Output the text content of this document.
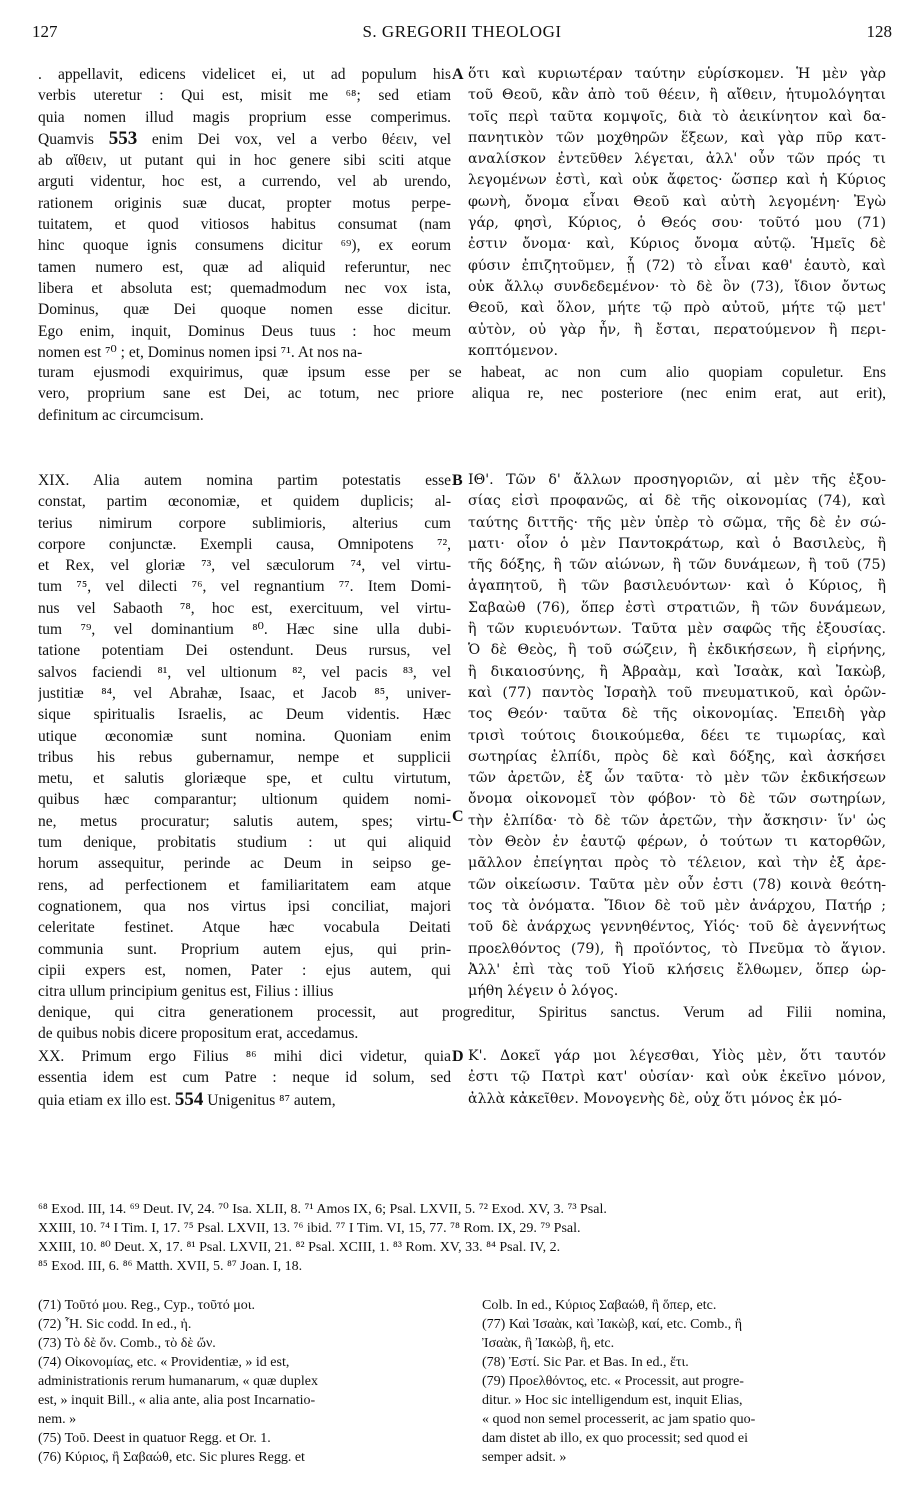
127	S. GREGORII THEOLOGI	128
. appellavit, edicens videlicet ei, ut ad populum his
verbis uteretur : Qui est, misit me ⁶⁸; sed etiam
quia nomen illud magis proprium esse comperimus.
Quamvis 553 enim Dei vox, vel a verbo θέειν, vel
ab αἴθειν, ut putant qui in hoc genere sibi sciti atque
arguti videntur, hoc est, a currendo, vel ab urendo,
rationem originis suæ ducat, propter motus perpe-
tuitatem, et quod vitiosos habitus consumat (nam
hinc quoque ignis consumens dicitur ⁶⁹), ex eorum
tamen numero est, quæ ad aliquid referuntur, nec
libera et absoluta est; quemadmodum nec vox ista,
Dominus, quæ Dei quoque nomen esse dicitur.
Ego enim, inquit, Dominus Deus tuus : hoc meum
nomen est ⁷⁰ ; et, Dominus nomen ipsi ⁷¹. At nos na-
A ὅτι καὶ κυριωτέραν ταύτην εὑρίσκομεν. Ἡ μὲν γὰρ
τοῦ Θεοῦ, κἂν ἀπὸ τοῦ θέειν, ἢ αἴθειν, ἡτυμολόγηται
τοῖς περὶ ταῦτα κομψοῖς, διὰ τὸ ἀεικίνητον καὶ δα-
πανητικὸν τῶν μοχθηρῶν ἕξεων, καὶ γὰρ πῦρ κατ-
αναλίσκον ἐντεῦθεν λέγεται, ἀλλ' οὖν τῶν πρός τι
λεγομένων ἐστὶ, καὶ οὐκ ἄφετος· ὥσπερ καὶ ἡ Κύριος
φωνὴ, ὄνομα εἶναι Θεοῦ καὶ αὐτὴ λεγομένη· Ἐγὼ
γάρ, φησὶ, Κύριος, ὁ Θεός σου· τοῦτό μου (71)
ἐστιν ὄνομα· καὶ, Κύριος ὄνομα αὐτῷ. Ἡμεῖς δὲ
φύσιν ἐπιζητοῦμεν, ᾗ (72) τὸ εἶναι καθ' ἑαυτὸ, καὶ
οὐκ ἄλλῳ συνδεδεμένον· τὸ δὲ ὂν (73), ἴδιον ὄντως
Θεοῦ, καὶ ὅλον, μήτε τῷ πρὸ αὐτοῦ, μήτε τῷ μετ'
αὐτὸν, οὐ γὰρ ἦν, ἢ ἔσται, περατούμενον ἢ περι-
κοπτόμενον.
turam ejusmodi exquirimus, quæ ipsum esse per se habeat, ac non cum alio quopiam copuletur. Ens
vero, proprium sane est Dei, ac totum, nec priore aliqua re, nec posteriore (nec enim erat, aut erit),
definitum ac circumcisum.
XIX. Alia autem nomina partim potestatis esse
constat, partim œconomiæ, et quidem duplicis; al-
terius nimirum corpore sublimioris, alterius cum
corpore conjunctæ. Exempli causa, Omnipotens ⁷²,
et Rex, vel gloriæ ⁷³, vel sæculorum ⁷⁴, vel virtu-
tum ⁷⁵, vel dilecti ⁷⁶, vel regnantium ⁷⁷. Item Domi-
nus vel Sabaoth ⁷⁸, hoc est, exercituum, vel virtu-
tum ⁷⁹, vel dominantium ⁸⁰. Hæc sine ulla dubi-
tatione potentiam Dei ostendunt. Deus rursus, vel
salvos faciendi ⁸¹, vel ultionum ⁸², vel pacis ⁸³, vel
justitiæ ⁸⁴, vel Abrahæ, Isaac, et Jacob ⁸⁵, univer-
sique spiritualis Israelis, ac Deum videntis. Hæc
utique œconomiæ sunt nomina. Quoniam enim
tribus his rebus gubernamur, nempe et supplicii
metu, et salutis gloriæque spe, et cultu virtutum,
quibus hæc comparantur; ultionum quidem nomi-
ne, metus procuratur; salutis autem, spes; virtu-
tum denique, probitatis studium : ut qui aliquid
horum assequitur, perinde ac Deum in seipso ge-
rens, ad perfectionem et familiaritatem eam atque
cognationem, qua nos virtus ipsi conciliat, majori
celeritate festinet. Atque hæc vocabula Deitati
communia sunt. Proprium autem ejus, qui prin-
cipii expers est, nomen, Pater : ejus autem, qui
citra ullum principium genitus est, Filius : illius
B
C
ΙΘ'. Τῶν δ' ἄλλων προσηγοριῶν, αἱ μὲν τῆς ἐξου-
σίας εἰσὶ προφανῶς, αἱ δὲ τῆς οἰκονομίας (74), καὶ
ταύτης διττῆς· τῆς μὲν ὑπὲρ τὸ σῶμα, τῆς δὲ ἐν σώ-
ματι· οἷον ὁ μὲν Παντοκράτωρ, καὶ ὁ Βασιλεὺς, ἢ
τῆς δόξης, ἢ τῶν αἰώνων, ἢ τῶν δυνάμεων, ἢ τοῦ (75)
ἀγαπητοῦ, ἢ τῶν βασιλευόντων· καὶ ὁ Κύριος, ἢ
Σαβαὼθ (76), ὅπερ ἐστὶ στρατιῶν, ἢ τῶν δυνάμεων,
ἢ τῶν κυριευόντων. Ταῦτα μὲν σαφῶς τῆς ἐξουσίας.
Ὁ δὲ Θεὸς, ἢ τοῦ σώζειν, ἢ ἐκδικήσεων, ἢ εἰρήνης,
ἢ δικαιοσύνης, ἢ Ἀβραὰμ, καὶ Ἰσαὰκ, καὶ Ἰακὼβ,
καὶ (77) παντὸς Ἰσραὴλ τοῦ πνευματικοῦ, καὶ ὁρῶν-
τος Θεόν· ταῦτα δὲ τῆς οἰκονομίας. Ἐπειδὴ γὰρ
τρισὶ τούτοις διοικούμεθα, δέει τε τιμωρίας, καὶ
σωτηρίας ἐλπίδι, πρὸς δὲ καὶ δόξης, καὶ ἀσκήσει
τῶν ἀρετῶν, ἐξ ὧν ταῦτα· τὸ μὲν τῶν ἐκδικήσεων
ὄνομα οἰκονομεῖ τὸν φόβον· τὸ δὲ τῶν σωτηρίων,
τὴν ἐλπίδα· τὸ δὲ τῶν ἀρετῶν, τὴν ἄσκησιν· ἵν' ὡς
τὸν Θεὸν ἐν ἑαυτῷ φέρων, ὁ τούτων τι κατορθῶν,
μᾶλλον ἐπείγηται πρὸς τὸ τέλειον, καὶ τὴν ἐξ ἀρε-
τῶν οἰκείωσιν. Ταῦτα μὲν οὖν ἐστι (78) κοινὰ θεότη-
τος τὰ ὀνόματα. Ἴδιον δὲ τοῦ μὲν ἀνάρχου, Πατήρ ;
τοῦ δὲ ἀνάρχως γεννηθέντος, Υἱός· τοῦ δὲ ἀγεννήτως
προελθόντος (79), ἢ προϊόντος, τὸ Πνεῦμα τὸ ἅγιον.
Ἀλλ' ἐπὶ τὰς τοῦ Υἱοῦ κλήσεις ἔλθωμεν, ὅπερ ὡρ-
μήθη λέγειν ὁ λόγος.
denique, qui citra generationem processit, aut progreditur, Spiritus sanctus. Verum ad Filii nomina,
de quibus nobis dicere propositum erat, accedamus.
XX. Primum ergo Filius ⁸⁶ mihi dici videtur, quia
essentia idem est cum Patre : neque id solum, sed
quia etiam ex illo est. 554 Unigenitus ⁸⁷ autem,
D Κ'. Δοκεῖ γάρ μοι λέγεσθαι, Υἱὸς μὲν, ὅτι ταυτόν
ἐστι τῷ Πατρὶ κατ' οὐσίαν· καὶ οὐκ ἐκεῖνο μόνον,
ἀλλὰ κἀκεῖθεν. Μονογενὴς δὲ, οὐχ ὅτι μόνος ἐκ μό-
⁶⁸ Exod. III, 14. ⁶⁹ Deut. IV, 24. ⁷⁰ Isa. XLII, 8. ⁷¹ Amos IX, 6; Psal. LXVII, 5. ⁷² Exod. XV, 3. ⁷³ Psal.
XXIII, 10. ⁷⁴ I Tim. I, 17. ⁷⁵ Psal. LXVII, 13. ⁷⁶ ibid. ⁷⁷ I Tim. VI, 15, 77. ⁷⁸ Rom. IX, 29. ⁷⁹ Psal.
XXIII, 10. ⁸⁰ Deut. X, 17. ⁸¹ Psal. LXVII, 21. ⁸² Psal. XCIII, 1. ⁸³ Rom. XV, 33. ⁸⁴ Psal. IV, 2.
⁸⁵ Exod. III, 6. ⁸⁶ Matth. XVII, 5. ⁸⁷ Joan. I, 18.
(71) Τοῦτό μου. Reg., Cyp., τοῦτό μοι.
(72) Ἧ. Sic codd. In ed., ἡ.
(73) Τὸ δὲ ὄν. Comb., τὸ δὲ ὤν.
(74) Οἰκονομίας, etc. « Providentiæ, » id est,
administrationis rerum humanarum, « quæ duplex
est, » inquit Bill., « alia ante, alia post Incarnatio-
nem. »
(75) Τοῦ. Deest in quatuor Regg. et Or. 1.
(76) Κύριος, ἢ Σαβαώθ, etc. Sic plures Regg. et
Colb. In ed., Κύριος Σαβαώθ, ἢ ὅπερ, etc.
(77) Καὶ Ἰσαὰκ, καὶ Ἰακὼβ, καί, etc. Comb., ἢ
Ἰσαὰκ, ἢ Ἰακὼβ, ἢ, etc.
(78) Ἐστί. Sic Par. et Bas. In ed., ἔτι.
(79) Προελθόντος, etc. « Processit, aut progre-
ditur. » Hoc sic intelligendum est, inquit Elias,
« quod non semel processerit, ac jam spatio quo-
dam distet ab illo, ex quo processit; sed quod ei
semper adsit. »
